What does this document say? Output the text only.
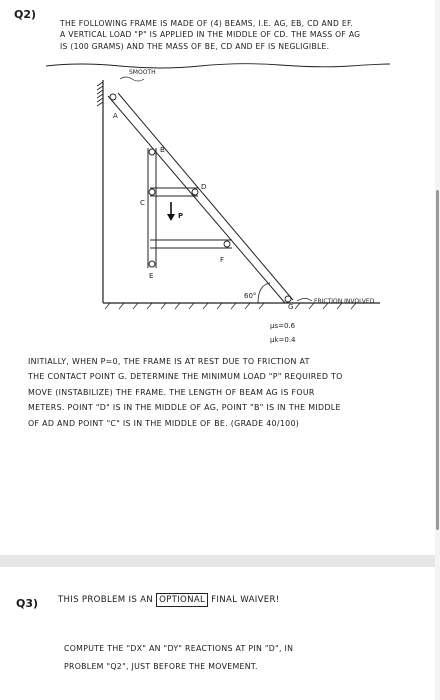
Q2)

THE FOLLOWING FRAME IS MADE OF (4) BEAMS, I.E. AG, EB, CD AND EF.

A VERTICAL LOAD "P" IS APPLIED IN THE MIDDLE OF CD. THE MASS OF AG

IS (100 GRAMS) AND THE MASS OF BE, CD AND EF IS NEGLIGIBLE.

SMOOTH
A
B
C
D
E
F
G
P
60°
FRICTION INVOLVED
μs=0.6
μk=0.4

INITIALLY, WHEN P=0, THE FRAME IS AT REST DUE TO FRICTION AT

THE CONTACT POINT G. DETERMINE THE MINIMUM LOAD "P" REQUIRED TO

MOVE (INSTABILIZE) THE FRAME. THE LENGTH OF BEAM AG IS FOUR

METERS. POINT "D" IS IN THE MIDDLE OF AG, POINT "B" IS IN THE MIDDLE

OF AD AND POINT "C" IS IN THE MIDDLE OF BE. (GRADE 40/100)

Q3) THIS PROBLEM IS AN OPTIONAL FINAL WAIVER!

COMPUTE THE "DX" AN "DY" REACTIONS AT PIN "D", IN

PROBLEM "Q2", JUST BEFORE THE MOVEMENT.
